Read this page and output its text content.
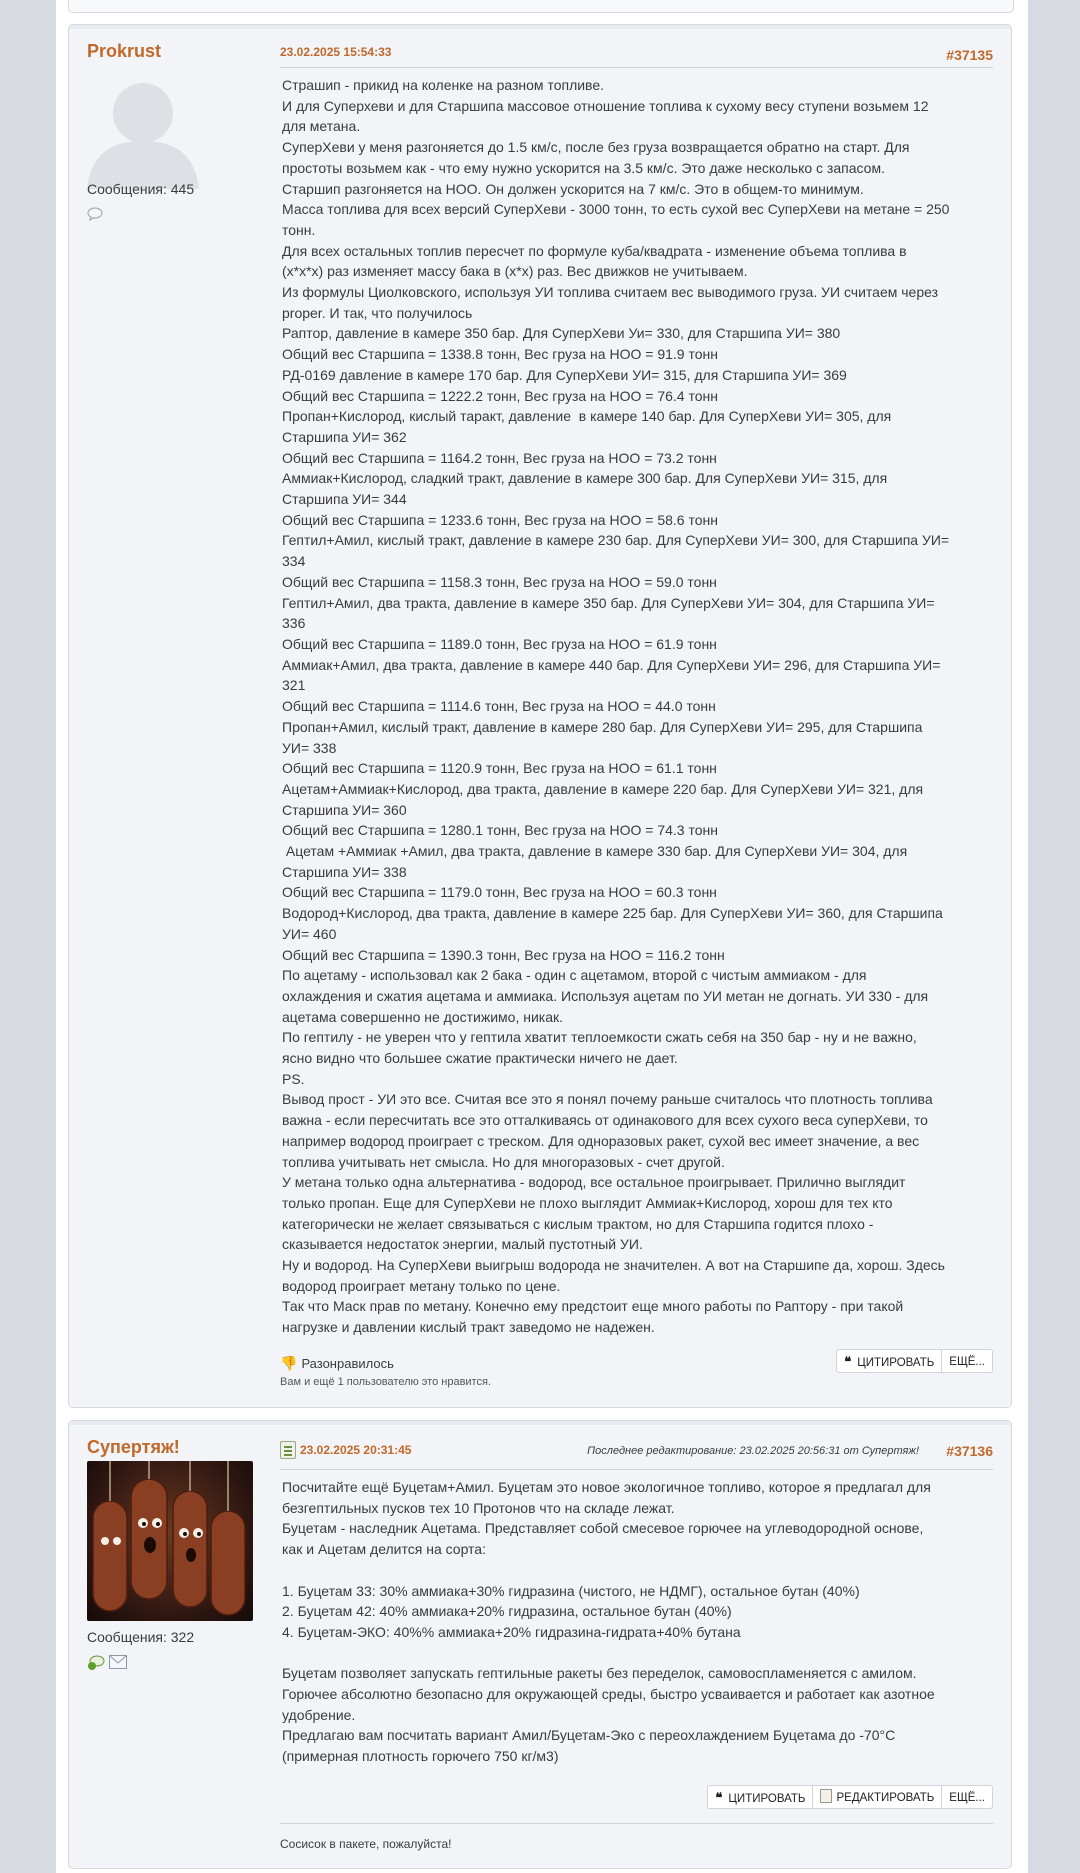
Prokrust
Сообщения: 445
23.02.2025 15:54:33	#37135

Страшип - прикид на коленке на разном топливе.

И для Суперхеви и для Старшипа массовое отношение топлива к сухому весу ступени возьмем 12

для метана.

СуперХеви у меня разгоняется до 1.5 км/с, после без груза возвращается обратно на старт. Для

простоты возьмем как - что ему нужно ускорится на 3.5 км/с. Это даже несколько с запасом.

Старшип разгоняется на НОО. Он должен ускорится на 7 км/с. Это в общем-то минимум.

Масса топлива для всех версий СуперХеви - 3000 тонн, то есть сухой вес СуперХеви на метане = 250

тонн.

Для всех остальных топлив пересчет по формуле куба/квадрата - изменение объема топлива в

(x*x*x) раз изменяет массу бака в (x*x) раз. Вес движков не учитываем.

Из формулы Циолковского, используя УИ топлива считаем вес выводимого груза. УИ считаем через

proper. И так, что получилось

Раптор, давление в камере 350 бар. Для СуперХеви Уи= 330, для Старшипа УИ= 380

Общий вес Старшипа = 1338.8 тонн, Вес груза на НОО = 91.9 тонн

РД-0169 давление в камере 170 бар. Для СуперХеви УИ= 315, для Старшипа УИ= 369

Общий вес Старшипа = 1222.2 тонн, Вес груза на НОО = 76.4 тонн

Пропан+Кислород, кислый таракт, давление  в камере 140 бар. Для СуперХеви УИ= 305, для

Старшипа УИ= 362

Общий вес Старшипа = 1164.2 тонн, Вес груза на НОО = 73.2 тонн

Аммиак+Кислород, сладкий тракт, давление в камере 300 бар. Для СуперХеви УИ= 315, для

Старшипа УИ= 344

Общий вес Старшипа = 1233.6 тонн, Вес груза на НОО = 58.6 тонн

Гептил+Амил, кислый тракт, давление в камере 230 бар. Для СуперХеви УИ= 300, для Старшипа УИ=

334

Общий вес Старшипа = 1158.3 тонн, Вес груза на НОО = 59.0 тонн

Гептил+Амил, два тракта, давление в камере 350 бар. Для СуперХеви УИ= 304, для Старшипа УИ=

336

Общий вес Старшипа = 1189.0 тонн, Вес груза на НОО = 61.9 тонн

Аммиак+Амил, два тракта, давление в камере 440 бар. Для СуперХеви УИ= 296, для Старшипа УИ=

321

Общий вес Старшипа = 1114.6 тонн, Вес груза на НОО = 44.0 тонн

Пропан+Амил, кислый тракт, давление в камере 280 бар. Для СуперХеви УИ= 295, для Старшипа

УИ= 338

Общий вес Старшипа = 1120.9 тонн, Вес груза на НОО = 61.1 тонн

Ацетам+Аммиак+Кислород, два тракта, давление в камере 220 бар. Для СуперХеви УИ= 321, для

Старшипа УИ= 360

Общий вес Старшипа = 1280.1 тонн, Вес груза на НОО = 74.3 тонн

Ацетам +Аммиак +Амил, два тракта, давление в камере 330 бар. Для СуперХеви УИ= 304, для

Старшипа УИ= 338

Общий вес Старшипа = 1179.0 тонн, Вес груза на НОО = 60.3 тонн

Водород+Кислород, два тракта, давление в камере 225 бар. Для СуперХеви УИ= 360, для Старшипа

УИ= 460

Общий вес Старшипа = 1390.3 тонн, Вес груза на НОО = 116.2 тонн

По ацетаму - использовал как 2 бака - один с ацетамом, второй с чистым аммиаком - для

охлаждения и сжатия ацетама и аммиака. Используя ацетам по УИ метан не догнать. УИ 330 - для

ацетама совершенно не достижимо, никак.

По гептилу - не уверен что у гептила хватит теплоемкости сжать себя на 350 бар - ну и не важно,

ясно видно что большее сжатие практически ничего не дает.

PS.

Вывод прост - УИ это все. Считая все это я понял почему раньше считалось что плотность топлива

важна - если пересчитать все это отталкиваясь от одинакового для всех сухого веса суперХеви, то

например водород проиграет с треском. Для одноразовых ракет, сухой вес имеет значение, а вес

топлива учитывать нет смысла. Но для многоразовых - счет другой.

У метана только одна альтернатива - водород, все остальное проигрывает. Прилично выглядит

только пропан. Еще для СуперХеви не плохо выглядит Аммиак+Кислород, хорош для тех кто

категорически не желает связываться с кислым трактом, но для Старшипа годится плохо -

сказывается недостаток энергии, малый пустотный УИ.

Ну и водород. На СуперХеви выигрыш водорода не значителен. А вот на Старшипе да, хорош. Здесь

водород проиграет метану только по цене.

Так что Маск прав по метану. Конечно ему предстоит еще много работы по Раптору - при такой

нагрузке и давлении кислый тракт заведомо не надежен.

👎 Разонравилось
Вам и ещё 1 пользователю это нравится.
❝ ЦИТИРОВАТЬ	ЕЩЁ...
Супертяж!
Сообщения: 322
23.02.2025 20:31:45	Последнее редактирование: 23.02.2025 20:56:31 от Супертяж! #37136

Посчитайте ещё Буцетам+Амил. Буцетам это новое экологичное топливо, которое я предлагал для

безгептильных пусков тех 10 Протонов что на складе лежат.

Буцетам - наследник Ацетама. Представляет собой смесевое горючее на углеводородной основе,

как и Ацетам делится на сорта:

1. Буцетам 33: 30% аммиака+30% гидразина (чистого, не НДМГ), остальное бутан (40%)

2. Буцетам 42: 40% аммиака+20% гидразина, остальное бутан (40%)

4. Буцетам-ЭКО: 40%% аммиака+20% гидразина-гидрата+40% бутана

Буцетам позволяет запускать гептильные ракеты без переделок, самовоспламеняется с амилом.

Горючее абсолютно безопасно для окружающей среды, быстро усваивается и работает как азотное

удобрение.

Предлагаю вам посчитать вариант Амил/Буцетам-Эко с переохлаждением Буцетама до -70°С

(примерная плотность горючего 750 кг/м3)

❝ ЦИТИРОВАТЬ	РЕДАКТИРОВАТЬ	ЕЩЁ...
Сосисок в пакете, пожалуйста!
